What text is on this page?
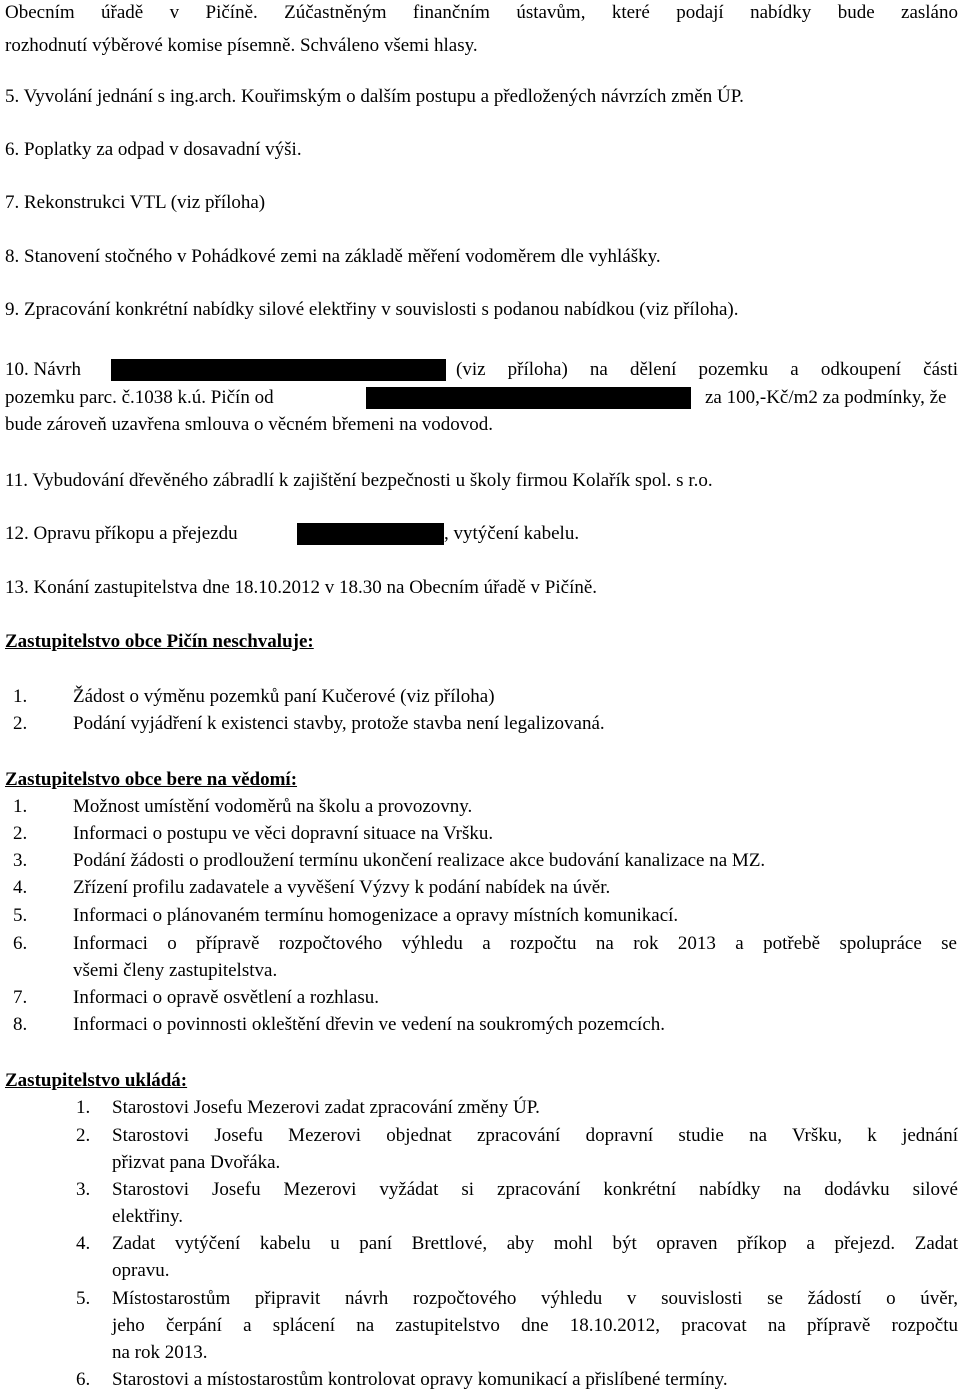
Obecním úřadě v Pičíně. Zúčastněným finančním ústavům, které podají nabídky bude zasláno
rozhodnutí výběrové komise písemně. Schváleno všemi hlasy.
5. Vyvolání jednání s ing.arch. Kouřimským o dalším postupu a předložených návrzích změn ÚP.
6. Poplatky za odpad v dosavadní výši.
7. Rekonstrukci VTL (viz příloha)
8. Stanovení stočného v Pohádkové zemi na základě měření vodoměrem dle vyhlášky.
9. Zpracování konkrétní nabídky silové elektřiny v souvislosti s podanou nabídkou (viz příloha).
10. Návrh	(viz příloha) na dělení pozemku a odkoupení části
pozemku parc. č.1038 k.ú. Pičín od	za 100,-Kč/m2 za podmínky, že
bude zároveň uzavřena smlouva o věcném břemeni na vodovod.
11. Vybudování dřevěného zábradlí k zajištění bezpečnosti u školy firmou Kolařík spol. s r.o.
12. Opravu příkopu a přejezdu	, vytýčení kabelu.
13. Konání zastupitelstva dne 18.10.2012 v 18.30 na Obecním úřadě v Pičíně.
Zastupitelstvo obce Pičín neschvaluje:
1. Žádost o výměnu pozemků paní Kučerové (viz příloha)
2. Podání vyjádření k existenci stavby, protože stavba není legalizovaná.
Zastupitelstvo obce bere na vědomí:
1. Možnost umístění vodoměrů na školu a provozovny.
2. Informaci o postupu ve věci dopravní situace na Vršku.
3. Podání žádosti o prodloužení termínu ukončení realizace akce budování kanalizace na MZ.
4. Zřízení profilu zadavatele a vyvěšení Výzvy k podání nabídek na úvěr.
5. Informaci o plánovaném termínu homogenizace a opravy místních komunikací.
6. Informaci o přípravě rozpočtového výhledu a rozpočtu na rok 2013 a potřebě spolupráce se
všemi členy zastupitelstva.
7. Informaci o opravě osvětlení a rozhlasu.
8. Informaci o povinnosti okleštění dřevin ve vedení na soukromých pozemcích.
Zastupitelstvo ukládá:
1. Starostovi Josefu Mezerovi zadat zpracování změny ÚP.
2. Starostovi Josefu Mezerovi objednat zpracování dopravní studie na Vršku, k jednání
přizvat pana Dvořáka.
3. Starostovi Josefu Mezerovi vyžádat si zpracování konkrétní nabídky na dodávku silové
elektřiny.
4. Zadat vytýčení kabelu u paní Brettlové, aby mohl být opraven příkop a přejezd. Zadat
opravu.
5. Místostarostům připravit návrh rozpočtového výhledu v souvislosti se žádostí o úvěr,
jeho čerpání a splácení na zastupitelstvo dne 18.10.2012, pracovat na přípravě rozpočtu
na rok 2013.
6. Starostovi a místostarostům kontrolovat opravy komunikací a přislíbené termíny.
